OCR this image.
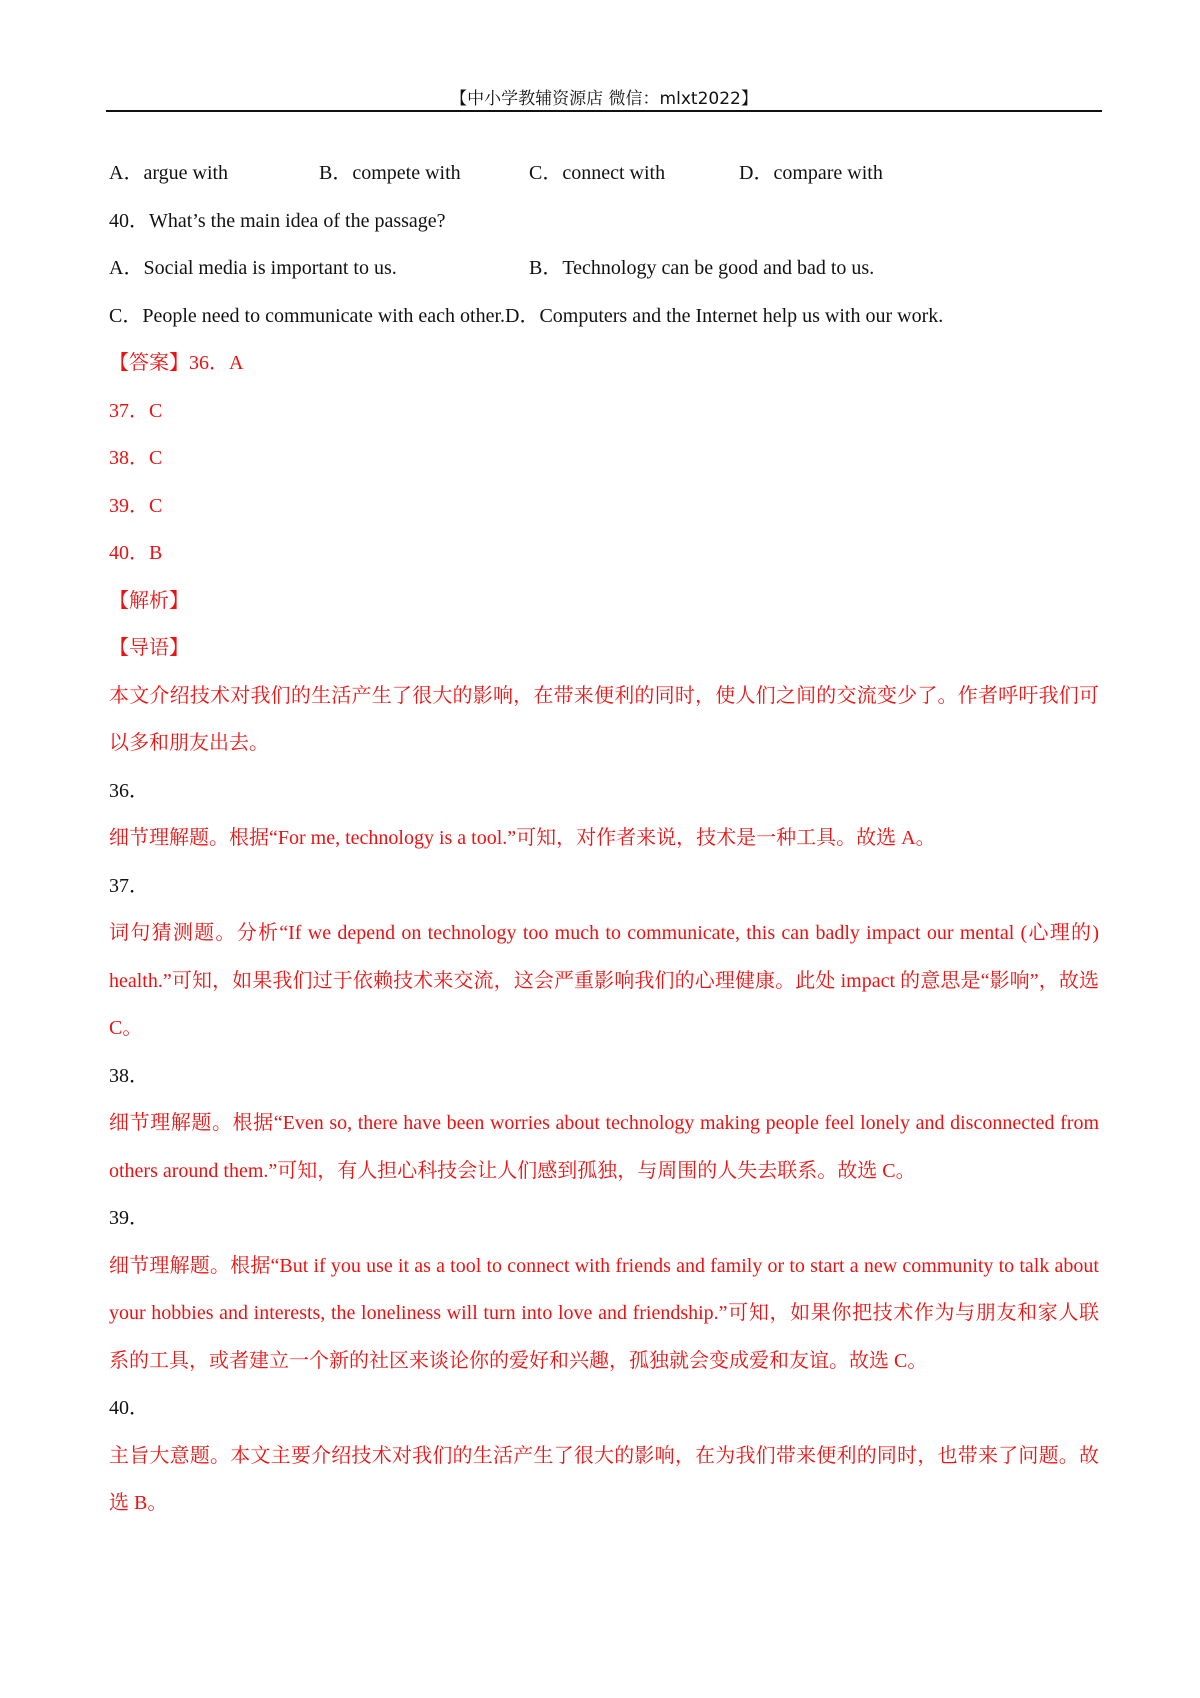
【中小学教辅资源店 微信：mlxt2022】
A．argue with	B．compete with	C．connect with	D．compare with
40．What’s the main idea of the passage?
A．Social media is important to us.	B．Technology can be good and bad to us.
C．People need to communicate with each other.D．Computers and the Internet help us with our work.
【答案】36．A
37．C
38．C
39．C
40．B
【解析】
【导语】
本文介绍技术对我们的生活产生了很大的影响，在带来便利的同时，使人们之间的交流变少了。作者呼吁我们可以多和朋友出去。
36．
细节理解题。根据“For me, technology is a tool.”可知，对作者来说，技术是一种工具。故选 A。
37．
词句猜测题。分析“If we depend on technology too much to communicate, this can badly impact our mental (心理的) health.”可知，如果我们过于依赖技术来交流，这会严重影响我们的心理健康。此处 impact 的意思是“影响”，故选 C。
38．
细节理解题。根据“Even so, there have been worries about technology making people feel lonely and disconnected from others around them.”可知，有人担心科技会让人们感到孤独，与周围的人失去联系。故选 C。
39．
细节理解题。根据“But if you use it as a tool to connect with friends and family or to start a new community to talk about your hobbies and interests, the loneliness will turn into love and friendship.”可知，如果你把技术作为与朋友和家人联系的工具，或者建立一个新的社区来谈论你的爱好和兴趣，孤独就会变成爱和友谊。故选 C。
40．
主旨大意题。本文主要介绍技术对我们的生活产生了很大的影响，在为我们带来便利的同时，也带来了问题。故选 B。
